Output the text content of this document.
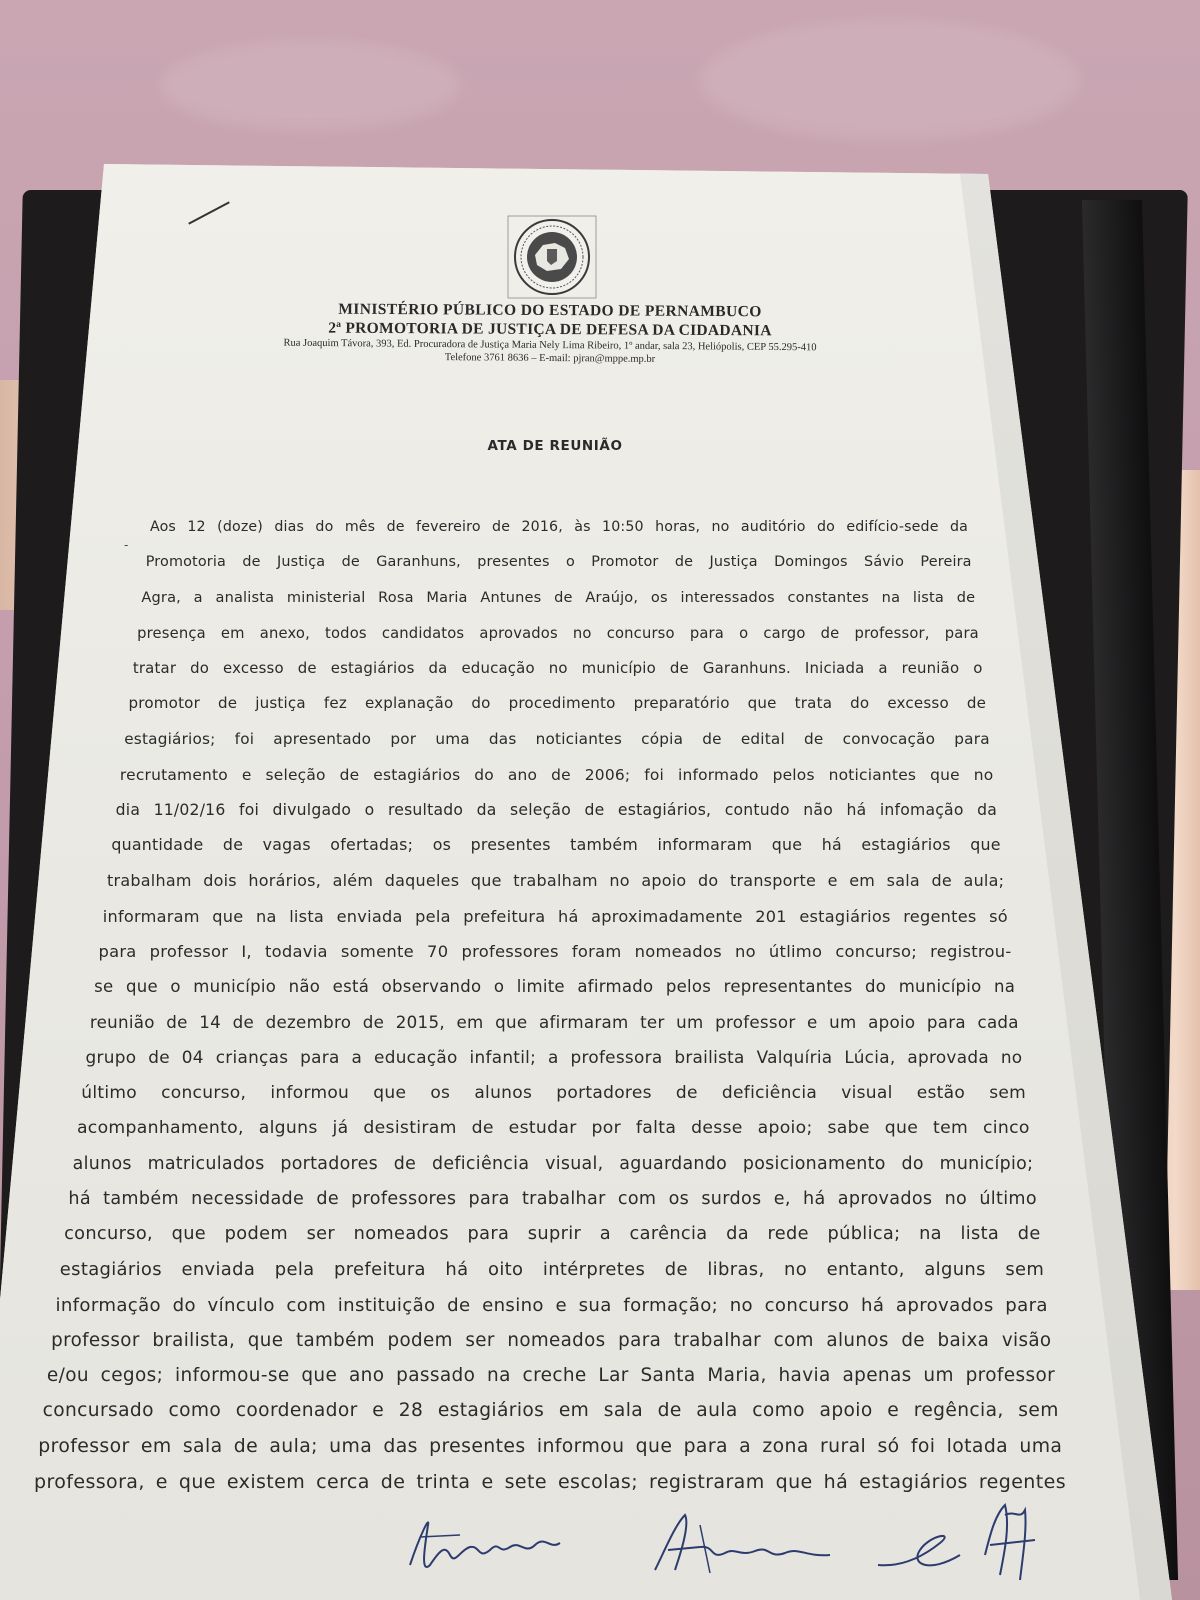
MINISTÉRIO PÚBLICO DO ESTADO DE PERNAMBUCO
2ª PROMOTORIA DE JUSTIÇA DE DEFESA DA CIDADANIA
Rua Joaquim Távora, 393, Ed. Procuradora de Justiça Maria Nely Lima Ribeiro, 1º andar, sala 23, Heliópolis, CEP 55.295-410
Telefone 3761 8636 – E-mail: pjran@mppe.mp.br
ATA DE REUNIÃO
-
Aos 12 (doze) dias do mês de fevereiro de 2016, às 10:50 horas, no auditório do edifício-sede da
Promotoria de Justiça de Garanhuns, presentes o Promotor de Justiça Domingos Sávio Pereira
Agra, a analista ministerial Rosa Maria Antunes de Araújo, os interessados constantes na lista de
presença em anexo, todos candidatos aprovados no concurso para o cargo de professor, para
tratar do excesso de estagiários da educação no município de Garanhuns. Iniciada a reunião o
promotor de justiça fez explanação do procedimento preparatório que trata do excesso de
estagiários; foi apresentado por uma das noticiantes cópia de edital de convocação para
recrutamento e seleção de estagiários do ano de 2006; foi informado pelos noticiantes que no
dia 11/02/16 foi divulgado o resultado da seleção de estagiários, contudo não há infomação da
quantidade de vagas ofertadas; os presentes também informaram que há estagiários que
trabalham dois horários, além daqueles que trabalham no apoio do transporte e em sala de aula;
informaram que na lista enviada pela prefeitura há aproximadamente 201 estagiários regentes só
para professor I, todavia somente 70 professores foram nomeados no útlimo concurso; registrou-
se que o município não está observando o limite afirmado pelos representantes do município na
reunião de 14 de dezembro de 2015, em que afirmaram ter um professor e um apoio para cada
grupo de 04 crianças para a educação infantil; a professora brailista Valquíria Lúcia, aprovada no
último concurso, informou que os alunos portadores de deficiência visual estão sem
acompanhamento, alguns já desistiram de estudar por falta desse apoio; sabe que tem cinco
alunos matriculados portadores de deficiência visual, aguardando posicionamento do município;
há também necessidade de professores para trabalhar com os surdos e, há aprovados no último
concurso, que podem ser nomeados para suprir a carência da rede pública; na lista de
estagiários enviada pela prefeitura há oito intérpretes de libras, no entanto, alguns sem
informação do vínculo com instituição de ensino e sua formação; no concurso há aprovados para
professor brailista, que também podem ser nomeados para trabalhar com alunos de baixa visão
e/ou cegos; informou-se que ano passado na creche Lar Santa Maria, havia apenas um professor
concursado como coordenador e 28 estagiários em sala de aula como apoio e regência, sem
professor em sala de aula; uma das presentes informou que para a zona rural só foi lotada uma
professora, e que existem cerca de trinta e sete escolas; registraram que há estagiários regentes
